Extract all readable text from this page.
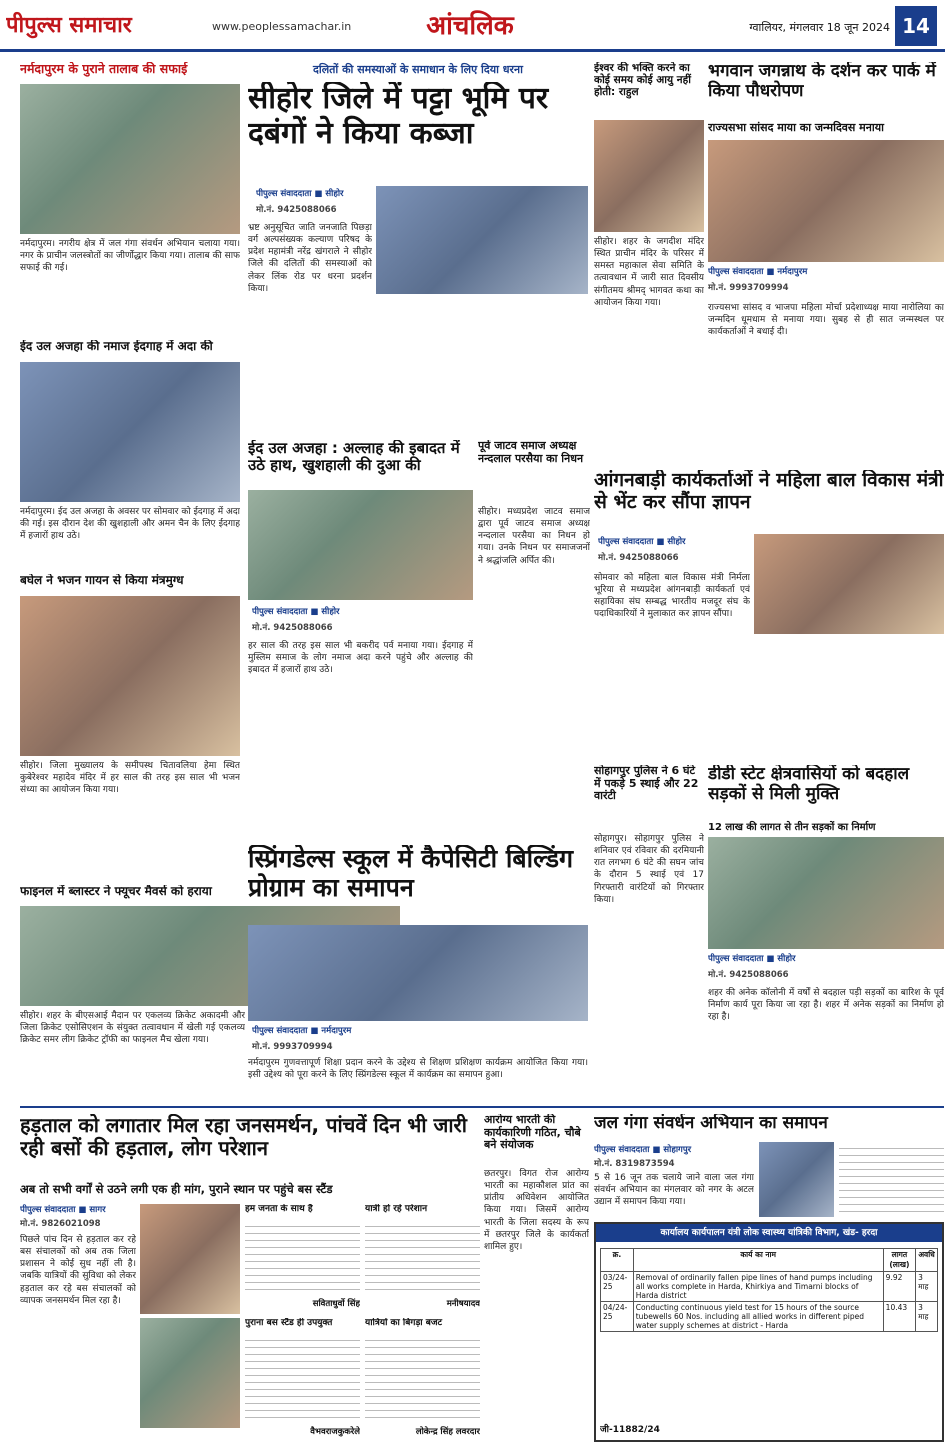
पीपुल्स समाचार	www.peoplessamachar.in	आंचलिक	ग्वालियर, मंगलवार 18 जून 2024 14
नर्मदापुरम के पुराने तालाब की सफाई
नर्मदापुरम। नगरीय क्षेत्र में जल गंगा संवर्धन अभियान चलाया गया। नगर के प्राचीन जलस्त्रोतों का जीर्णोद्धार किया गया। तालाब की साफ सफाई की गई।
ईद उल अजहा की नमाज ईदगाह में अदा की
नर्मदापुरम। ईद उल अजहा के अवसर पर सोमवार को ईदगाह में अदा की गई। इस दौरान देश की खुशहाली और अमन चैन के लिए ईदगाह में हजारों हाथ उठे।
बघेल ने भजन गायन से किया मंत्रमुग्ध
सीहोर। जिला मुख्यालय के समीपस्थ चितावलिया हेमा स्थित कुबेरेश्वर महादेव मंदिर में हर साल की तरह इस साल भी भजन संध्या का आयोजन किया गया।
फाइनल में ब्लास्टर ने फ्यूचर मैवर्स को हराया
सीहोर। शहर के बीएसआई मैदान पर एकलव्य क्रिकेट अकादमी और जिला क्रिकेट एसोसिएशन के संयुक्त तत्वावधान में खेली गई एकलव्य क्रिकेट समर लीग क्रिकेट ट्रॉफी का फाइनल मैच खेला गया।
दलितों की समस्याओं के समाधान के लिए दिया धरना
सीहोर जिले में पट्टा भूमि पर दबंगों ने किया कब्जा
पीपुल्स संवाददाता ■ सीहोर
मो.नं. 9425088066
भ्रष्ट अनुसूचित जाति जनजाति पिछड़ा वर्ग अल्पसंख्यक कल्याण परिषद के प्रदेश महामंत्री नरेंद्र खंगराले ने सीहोर जिले की दलितों की समस्याओं को लेकर लिंक रोड पर धरना प्रदर्शन किया।
ईद उल अजहा : अल्लाह की इबादत में उठे हाथ, खुशहाली की दुआ की
पीपुल्स संवाददाता ■ सीहोर
मो.नं. 9425088066
हर साल की तरह इस साल भी बकरीद पर्व मनाया गया। ईदगाह में मुस्लिम समाज के लोग नमाज अदा करने पहुंचे और अल्लाह की इबादत में हजारों हाथ उठे।
पूर्व जाटव समाज अध्यक्ष नन्दलाल परसैया का निधन
सीहोर। मध्यप्रदेश जाटव समाज द्वारा पूर्व जाटव समाज अध्यक्ष नन्दलाल परसैया का निधन हो गया। उनके निधन पर समाजजनों ने श्रद्धांजलि अर्पित की।
ईश्वर की भक्ति करने का कोई समय कोई आयु नहीं होती: राहुल
सीहोर। शहर के जगदीश मंदिर स्थित प्राचीन मंदिर के परिसर में समस्त महाकाल सेवा समिति के तत्वावधान में जारी सात दिवसीय संगीतमय श्रीमद् भागवत कथा का आयोजन किया गया।
भगवान जगन्नाथ के दर्शन कर पार्क में किया पौधरोपण
राज्यसभा सांसद माया का जन्मदिवस मनाया
पीपुल्स संवाददाता ■ नर्मदापुरम
मो.नं. 9993709994
राज्यसभा सांसद व भाजपा महिला मोर्चा प्रदेशाध्यक्ष माया नारोलिया का जन्मदिन धूमधाम से मनाया गया। सुबह से ही सात जन्मस्थल पर कार्यकर्ताओं ने बधाई दी।
आंगनबाड़ी कार्यकर्ताओं ने महिला बाल विकास मंत्री से भेंट कर सौंपा ज्ञापन
पीपुल्स संवाददाता ■ सीहोर
मो.नं. 9425088066
सोमवार को महिला बाल विकास मंत्री निर्मला भूरिया से मध्यप्रदेश आंगनबाड़ी कार्यकर्ता एवं सहायिका संघ सम्बद्ध भारतीय मजदूर संघ के पदाधिकारियों ने मुलाकात कर ज्ञापन सौंपा।
स्प्रिंगडेल्स स्कूल में कैपेसिटी बिल्डिंग प्रोग्राम का समापन
पीपुल्स संवाददाता ■ नर्मदापुरम
मो.नं. 9993709994
नर्मदापुरम गुणवत्तापूर्ण शिक्षा प्रदान करने के उद्देश्य से शिक्षण प्रशिक्षण कार्यक्रम आयोजित किया गया। इसी उद्देश्य को पूरा करने के लिए स्प्रिंगडेल्स स्कूल में कार्यक्रम का समापन हुआ।
सोहागपुर पुलिस ने 6 घंटे में पकड़े 5 स्थाई और 22 वारंटी
सोहागपुर। सोहागपुर पुलिस ने शनिवार एवं रविवार की दरमियानी रात लगभग 6 घंटे की सघन जांच के दौरान 5 स्थाई एवं 17 गिरफ्तारी वारंटियों को गिरफ्तार किया।
डीडी स्टेट क्षेत्रवासियों को बदहाल सड़कों से मिली मुक्ति
12 लाख की लागत से तीन सड़कों का निर्माण
पीपुल्स संवाददाता ■ सीहोर
मो.नं. 9425088066
शहर की अनेक कॉलोनी में वर्षों से बदहाल पड़ी सड़कों का बारिश के पूर्व निर्माण कार्य पूरा किया जा रहा है। शहर में अनेक सड़कों का निर्माण हो रहा है।
हड़ताल को लगातार मिल रहा जनसमर्थन, पांचवें दिन भी जारी रही बसों की हड़ताल, लोग परेशान
अब तो सभी वर्गों से उठने लगी एक ही मांग, पुराने स्थान पर पहुंचे बस स्टैंड
पीपुल्स संवाददाता ■ सागर
मो.नं. 9826021098
पिछले पांच दिन से हड़ताल कर रहे बस संचालकों को अब तक जिला प्रशासन ने कोई सुध नहीं ली है। जबकि यात्रियों की सुविधा को लेकर हड़ताल कर रहे बस संचालकों को व्यापक जनसमर्थन मिल रहा है।
हम जनता के साथ है
सविताधुर्वो सिंह
यात्री हो रहे परेशान
मनीषयादव
पुराना बस स्टैंड ही उपयुक्त
वैभवराजकुकरेले
यात्रियों का बिगड़ा बजट
लोकेन्द्र सिंह लवरदार
आरोग्य भारती की कार्यकारिणी गठित, चौबे बने संयोजक
छतरपुर। विगत रोज आरोग्य भारती का महाकौशल प्रांत का प्रांतीय अधिवेशन आयोजित किया गया। जिसमें आरोग्य भारती के जिला सदस्य के रूप में छतरपुर जिले के कार्यकर्ता शामिल हुए।
जल गंगा संवर्धन अभियान का समापन
पीपुल्स संवाददाता ■ सोहागपुर
मो.नं. 8319873594
5 से 16 जून तक चलाये जाने वाला जल गंगा संवर्धन अभियान का मंगलवार को नगर के अटल उद्यान में समापन किया गया।
कार्यालय कार्यपालन यंत्री लोक स्वास्थ्य यांत्रिकी विभाग, खंड- हरदा
क्र.	कार्य का नाम	लागत (लाख)	अवधि
03/24-25	Removal of ordinarily fallen pipe lines of hand pumps including all works complete in Harda, Khirkiya and Timarni blocks of Harda district	9.92	3 माह
04/24-25	Conducting continuous yield test for 15 hours of the source tubewells 60 Nos. including all allied works in different piped water supply schemes at district - Harda	10.43	3 माह
जी-11882/24
